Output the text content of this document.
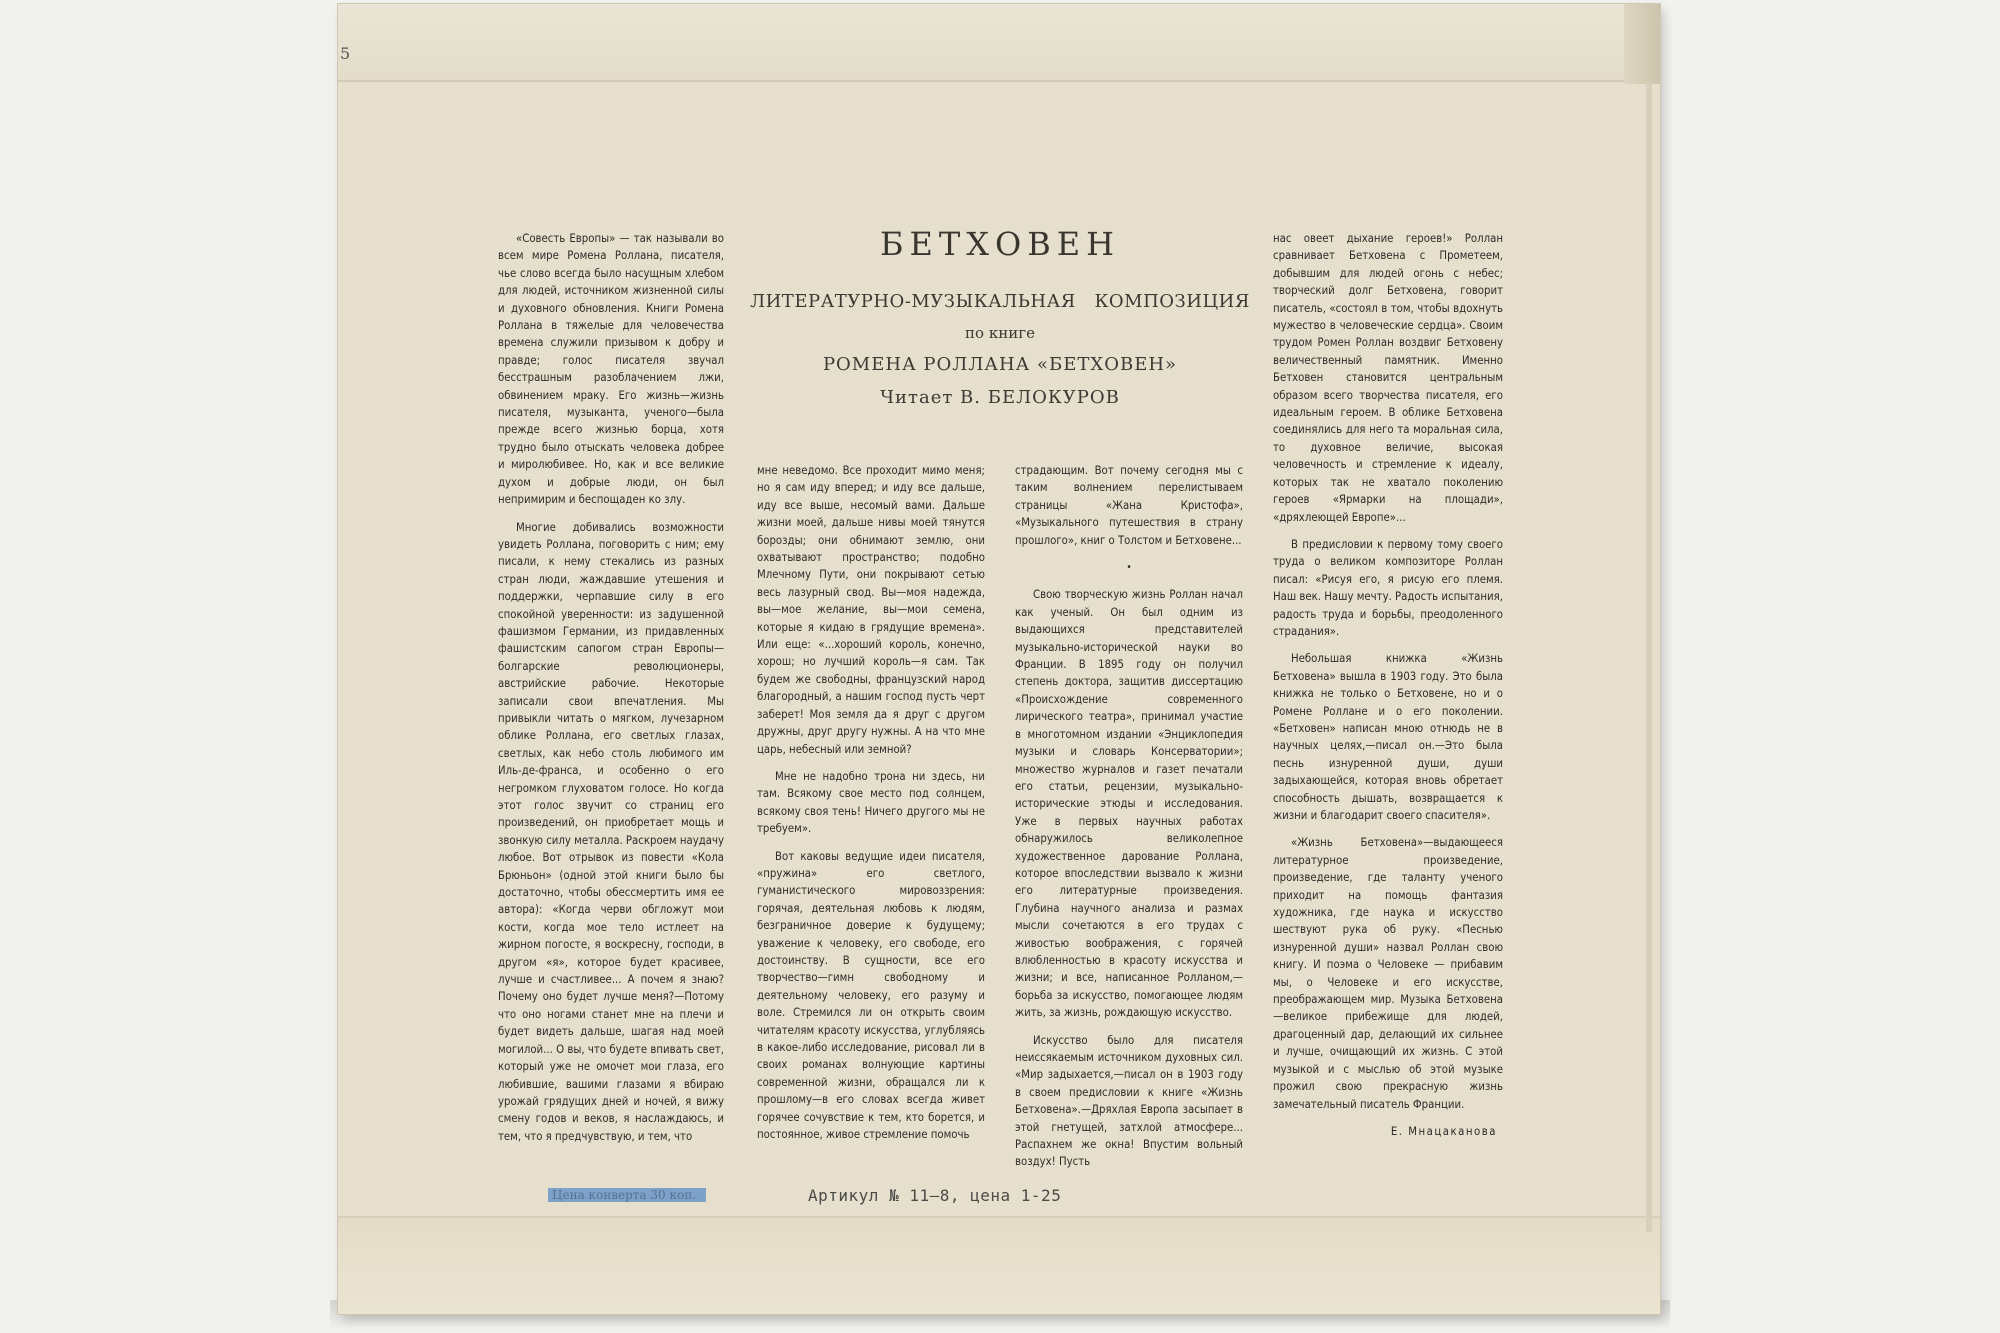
5
БЕТХОВЕН
ЛИТЕРАТУРНО-МУЗЫКАЛЬНАЯ   КОМПОЗИЦИЯ
по книге
РОМЕНА РОЛЛАНА «БЕТХОВЕН»
Читает В. БЕЛОКУРОВ

«Совесть Европы» — так называли во всем мире Ромена Роллана, писателя, чье слово всегда было насущным хлебом для людей, источником жизненной силы и духовного обновления. Книги Ромена Роллана в тяжелые для человечества времена служили призывом к добру и правде; голос писателя звучал бесстрашным разоблачением лжи, обвинением мраку. Его жизнь—жизнь писателя, музыканта, ученого—была прежде всего жизнью борца, хотя трудно было отыскать человека добрее и миролюбивее. Но, как и все великие духом и добрые люди, он был непримирим и беспощаден ко злу.

Многие добивались возможности увидеть Роллана, поговорить с ним; ему писали, к нему стекались из разных стран люди, жаждавшие утешения и поддержки, черпавшие силу в его спокойной уверенности: из задушенной фашизмом Германии, из придавленных фашистским сапогом стран Европы—болгарские революционеры, австрийские рабочие. Некоторые записали свои впечатления. Мы привыкли читать о мягком, лучезарном облике Роллана, его светлых глазах, светлых, как небо столь любимого им Иль-де-франса, и особенно о его негромком глуховатом голосе. Но когда этот голос звучит со страниц его произведений, он приобретает мощь и звонкую силу металла. Раскроем наудачу любое. Вот отрывок из повести «Кола Брюньон» (одной этой книги было бы достаточно, чтобы обессмертить имя ее автора): «Когда черви обгложут мои кости, когда мое тело истлеет на жирном погосте, я воскресну, господи, в другом «я», которое будет красивее, лучше и счастливее... А почем я знаю? Почему оно будет лучше меня?—Потому что оно ногами станет мне на плечи и будет видеть дальше, шагая над моей могилой... О вы, что будете впивать свет, который уже не омочет мои глаза, его любившие, вашими глазами я вбираю урожай грядущих дней и ночей, я вижу смену годов и веков, я наслаждаюсь, и тем, что я предчувствую, и тем, что

мне неведомо. Все проходит мимо меня; но я сам иду вперед; и иду все дальше, иду все выше, несомый вами. Дальше жизни моей, дальше нивы моей тянутся борозды; они обнимают землю, они охватывают пространство; подобно Млечному Пути, они покрывают сетью весь лазурный свод. Вы—моя надежда, вы—мое желание, вы—мои семена, которые я кидаю в грядущие времена». Или еще: «...хороший король, конечно, хорош; но лучший король—я сам. Так будем же свободны, французский народ благородный, а нашим господ пусть черт заберет! Моя земля да я друг с другом дружны, друг другу нужны. А на что мне царь, небесный или земной?

Мне не надобно трона ни здесь, ни там. Всякому свое место под солнцем, всякому своя тень! Ничего другого мы не требуем».

Вот каковы ведущие идеи писателя, «пружина» его светлого, гуманистического мировоззрения: горячая, деятельная любовь к людям, безграничное доверие к будущему; уважение к человеку, его свободе, его достоинству. В сущности, все его творчество—гимн свободному и деятельному человеку, его разуму и воле. Стремился ли он открыть своим читателям красоту искусства, углубляясь в какое-либо исследование, рисовал ли в своих романах волнующие картины современной жизни, обращался ли к прошлому—в его словах всегда живет горячее сочувствие к тем, кто борется, и постоянное, живое стремление помочь

страдающим. Вот почему сегодня мы с таким волнением перелистываем страницы «Жана Кристофа», «Музыкального путешествия в страну прошлого», книг о Толстом и Бетховене...

•

Свою творческую жизнь Роллан начал как ученый. Он был одним из выдающихся представителей музыкально-исторической науки во Франции. В 1895 году он получил степень доктора, защитив диссертацию «Происхождение современного лирического театра», принимал участие в многотомном издании «Энциклопедия музыки и словарь Консерватории»; множество журналов и газет печатали его статьи, рецензии, музыкально-исторические этюды и исследования. Уже в первых научных работах обнаружилось великолепное художественное дарование Роллана, которое впоследствии вызвало к жизни его литературные произведения. Глубина научного анализа и размах мысли сочетаются в его трудах с живостью воображения, с горячей влюбленностью в красоту искусства и жизни; и все, написанное Ролланом,—борьба за искусство, помогающее людям жить, за жизнь, рождающую искусство.

Искусство было для писателя неиссякаемым источником духовных сил. «Мир задыхается,—писал он в 1903 году в своем предисловии к книге «Жизнь Бетховена».—Дряхлая Европа засыпает в этой гнетущей, затхлой атмосфере... Распахнем же окна! Впустим вольный воздух! Пусть

нас овеет дыхание героев!» Роллан сравнивает Бетховена с Прометеем, добывшим для людей огонь с небес; творческий долг Бетховена, говорит писатель, «состоял в том, чтобы вдохнуть мужество в человеческие сердца». Своим трудом Ромен Роллан воздвиг Бетховену величественный памятник. Именно Бетховен становится центральным образом всего творчества писателя, его идеальным героем. В облике Бетховена соединялись для него та моральная сила, то духовное величие, высокая человечность и стремление к идеалу, которых так не хватало поколению героев «Ярмарки на площади», «дряхлеющей Европе»...

В предисловии к первому тому своего труда о великом композиторе Роллан писал: «Рисуя его, я рисую его племя. Наш век. Нашу мечту. Радость испытания, радость труда и борьбы, преодоленного страдания».

Небольшая книжка «Жизнь Бетховена» вышла в 1903 году. Это была книжка не только о Бетховене, но и о Ромене Роллане и о его поколении. «Бетховен» написан мною отнюдь не в научных целях,—писал он.—Это была песнь изнуренной души, души задыхающейся, которая вновь обретает способность дышать, возвращается к жизни и благодарит своего спасителя».

«Жизнь Бетховена»—выдающееся литературное произведение, произведение, где таланту ученого приходит на помощь фантазия художника, где наука и искусство шествуют рука об руку. «Песнью изнуренной души» назвал Роллан свою книгу. И поэма о Человеке — прибавим мы, о Человеке и его искусстве, преображающем мир. Музыка Бетховена—великое прибежище для людей, драгоценный дар, делающий их сильнее и лучше, очищающий их жизнь. С этой музыкой и с мыслью об этой музыке прожил свою прекрасную жизнь замечательный писатель Франции.

Е. Мнацаканова
Цена конверта 30 коп.	Артикул № 11—8, цена 1-25
